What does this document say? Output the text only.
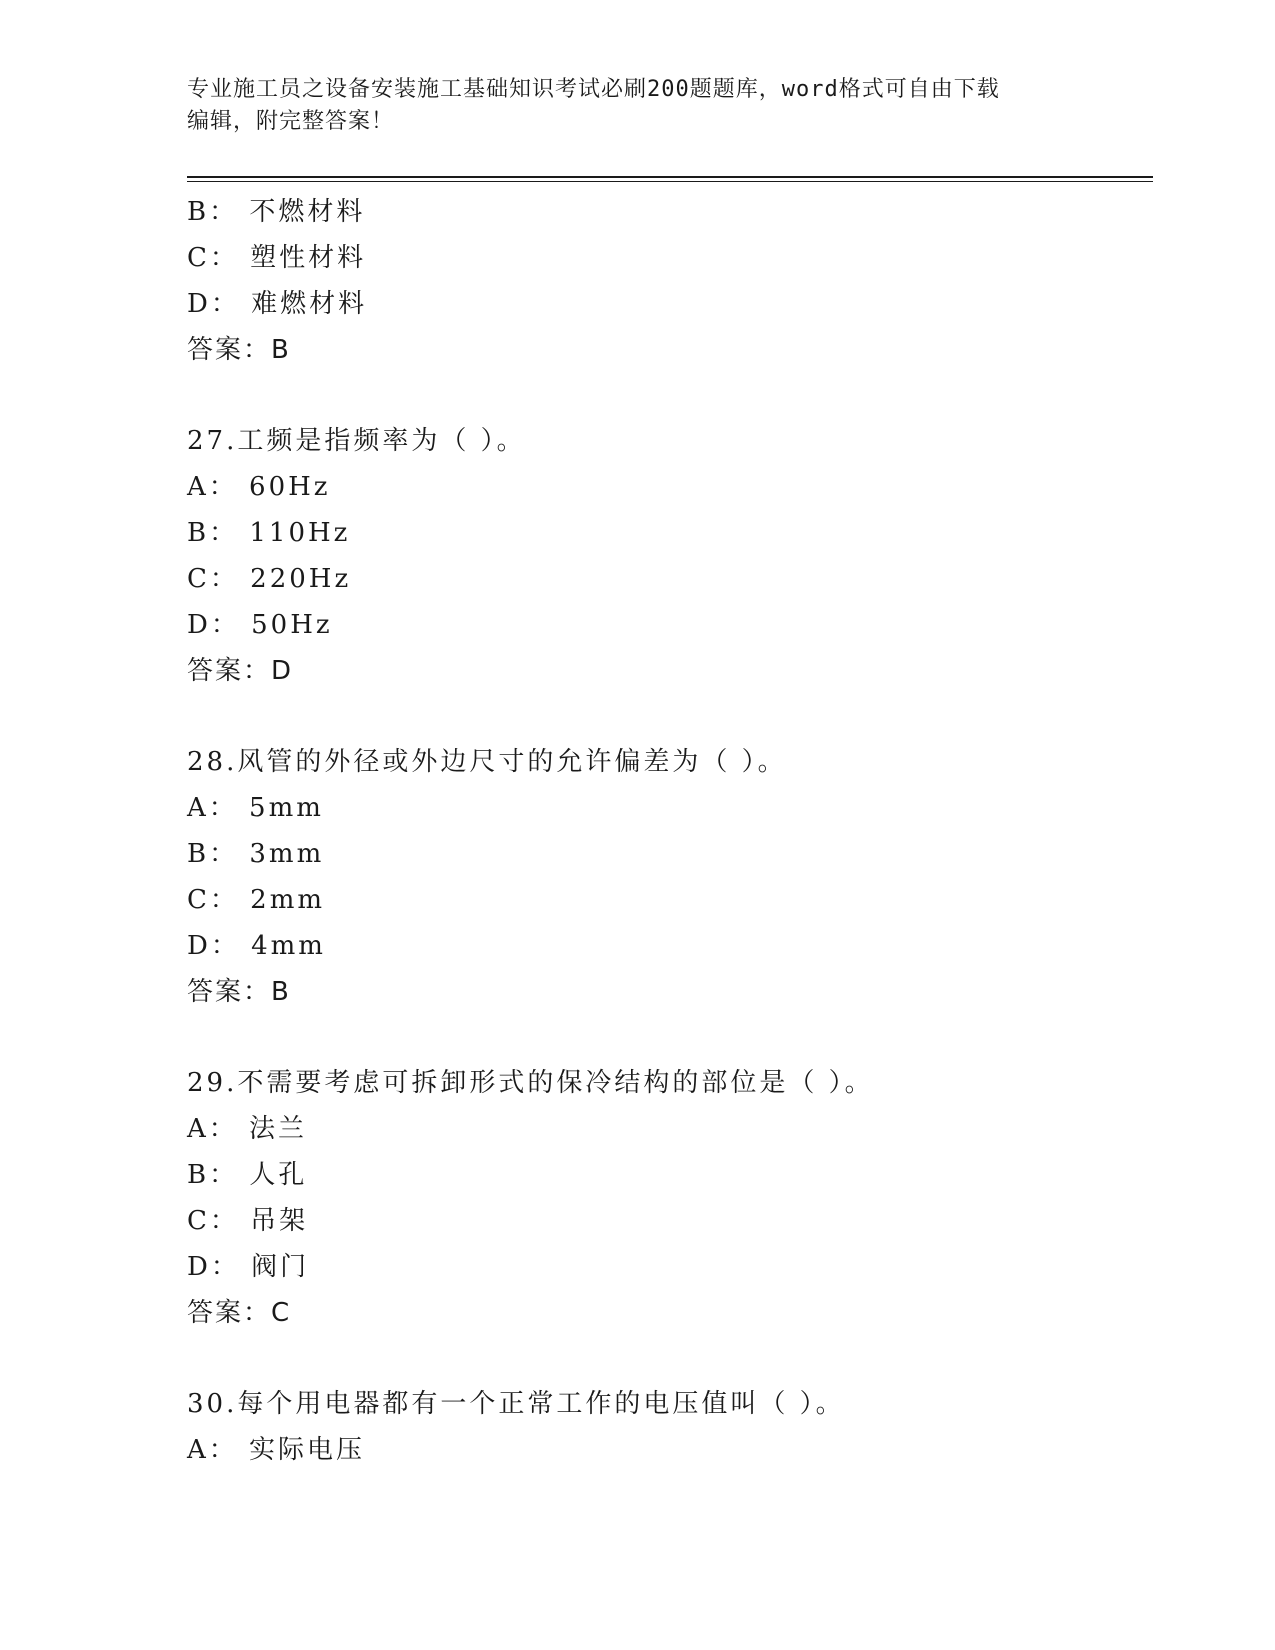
专业施工员之设备安装施工基础知识考试必刷200题题库，word格式可自由下载
编辑，附完整答案！
B： 不燃材料
C： 塑性材料
D： 难燃材料
答案：B
27.工频是指频率为（ ）。
A： 60Hz
B： 110Hz
C： 220Hz
D： 50Hz
答案：D
28.风管的外径或外边尺寸的允许偏差为（ ）。
A： 5mm
B： 3mm
C： 2mm
D： 4mm
答案：B
29.不需要考虑可拆卸形式的保冷结构的部位是（ ）。
A： 法兰
B： 人孔
C： 吊架
D： 阀门
答案：C
30.每个用电器都有一个正常工作的电压值叫（ ）。
A： 实际电压
